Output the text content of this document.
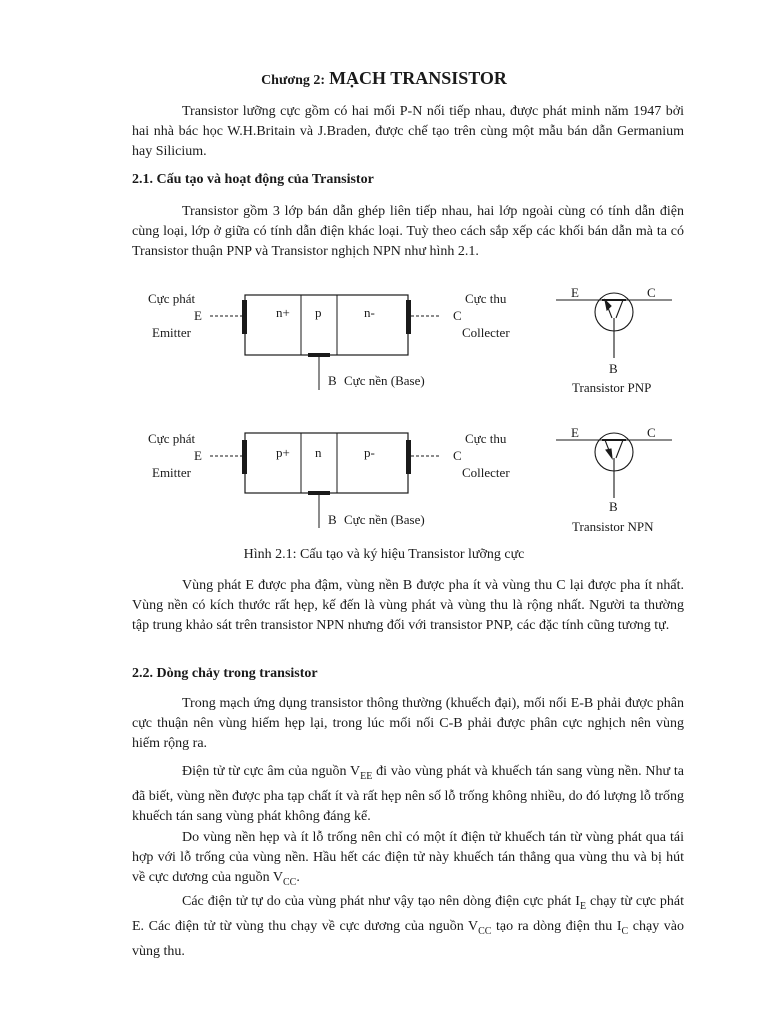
Chương 2: MẠCH TRANSISTOR

Transistor lưỡng cực gồm có hai mối P-N nối tiếp nhau, được phát minh năm 1947 bởi hai nhà bác học W.H.Britain và J.Braden, được chế tạo trên cùng một mẫu bán dẫn Germanium hay Silicium.

2.1. Cấu tạo và hoạt động của Transistor

Transistor gồm 3 lớp bán dẫn ghép liên tiếp nhau, hai lớp ngoài cùng có tính dẫn điện cùng loại, lớp ở giữa có tính dẫn điện khác loại. Tuỳ theo cách sắp xếp các khối bán dẫn mà ta có Transistor thuận PNP và Transistor nghịch NPN như hình 2.1.

n+ p	n-
Cực phát
E
Emitter
Cực thu
C
Collecter
B Cực nền (Base)
E	C
B
Transistor PNP
p+ n	p-
Cực phát
E
Emitter
Cực thu
C
Collecter
B Cực nền (Base)
E	C
B
Transistor NPN
Hình 2.1: Cấu tạo và ký hiệu Transistor lưỡng cực

Vùng phát E được pha đậm, vùng nền B được pha ít và vùng thu C lại được pha ít nhất. Vùng nền có kích thước rất hẹp, kế đến là vùng phát và vùng thu là rộng nhất. Người ta thường tập trung khảo sát trên transistor NPN nhưng đối với transistor PNP, các đặc tính cũng tương tự.

2.2. Dòng chảy trong transistor

Trong mạch ứng dụng transistor thông thường (khuếch đại), mối nối E-B phải được phân cực thuận nên vùng hiếm hẹp lại, trong lúc mối nối C-B phải được phân cực nghịch nên vùng hiếm rộng ra.

Điện tử từ cực âm của nguồn $V_{EE}$ đi vào vùng phát và khuếch tán sang vùng nền. Như ta đã biết, vùng nền được pha tạp chất ít và rất hẹp nên số lỗ trống không nhiều, do đó lượng lỗ trống khuếch tán sang vùng phát không đáng kể.

Do vùng nền hẹp và ít lỗ trống nên chỉ có một ít điện tử khuếch tán từ vùng phát qua tái hợp với lỗ trống của vùng nền. Hầu hết các điện tử này khuếch tán thẳng qua vùng thu và bị hút về cực dương của nguồn $V_{CC}$.

Các điện tử tự do của vùng phát như vậy tạo nên dòng điện cực phát $I_E$ chạy từ cực phát E. Các điện tử từ vùng thu chạy về cực dương của nguồn $V_{CC}$ tạo ra dòng điện thu $I_C$ chạy vào vùng thu.
